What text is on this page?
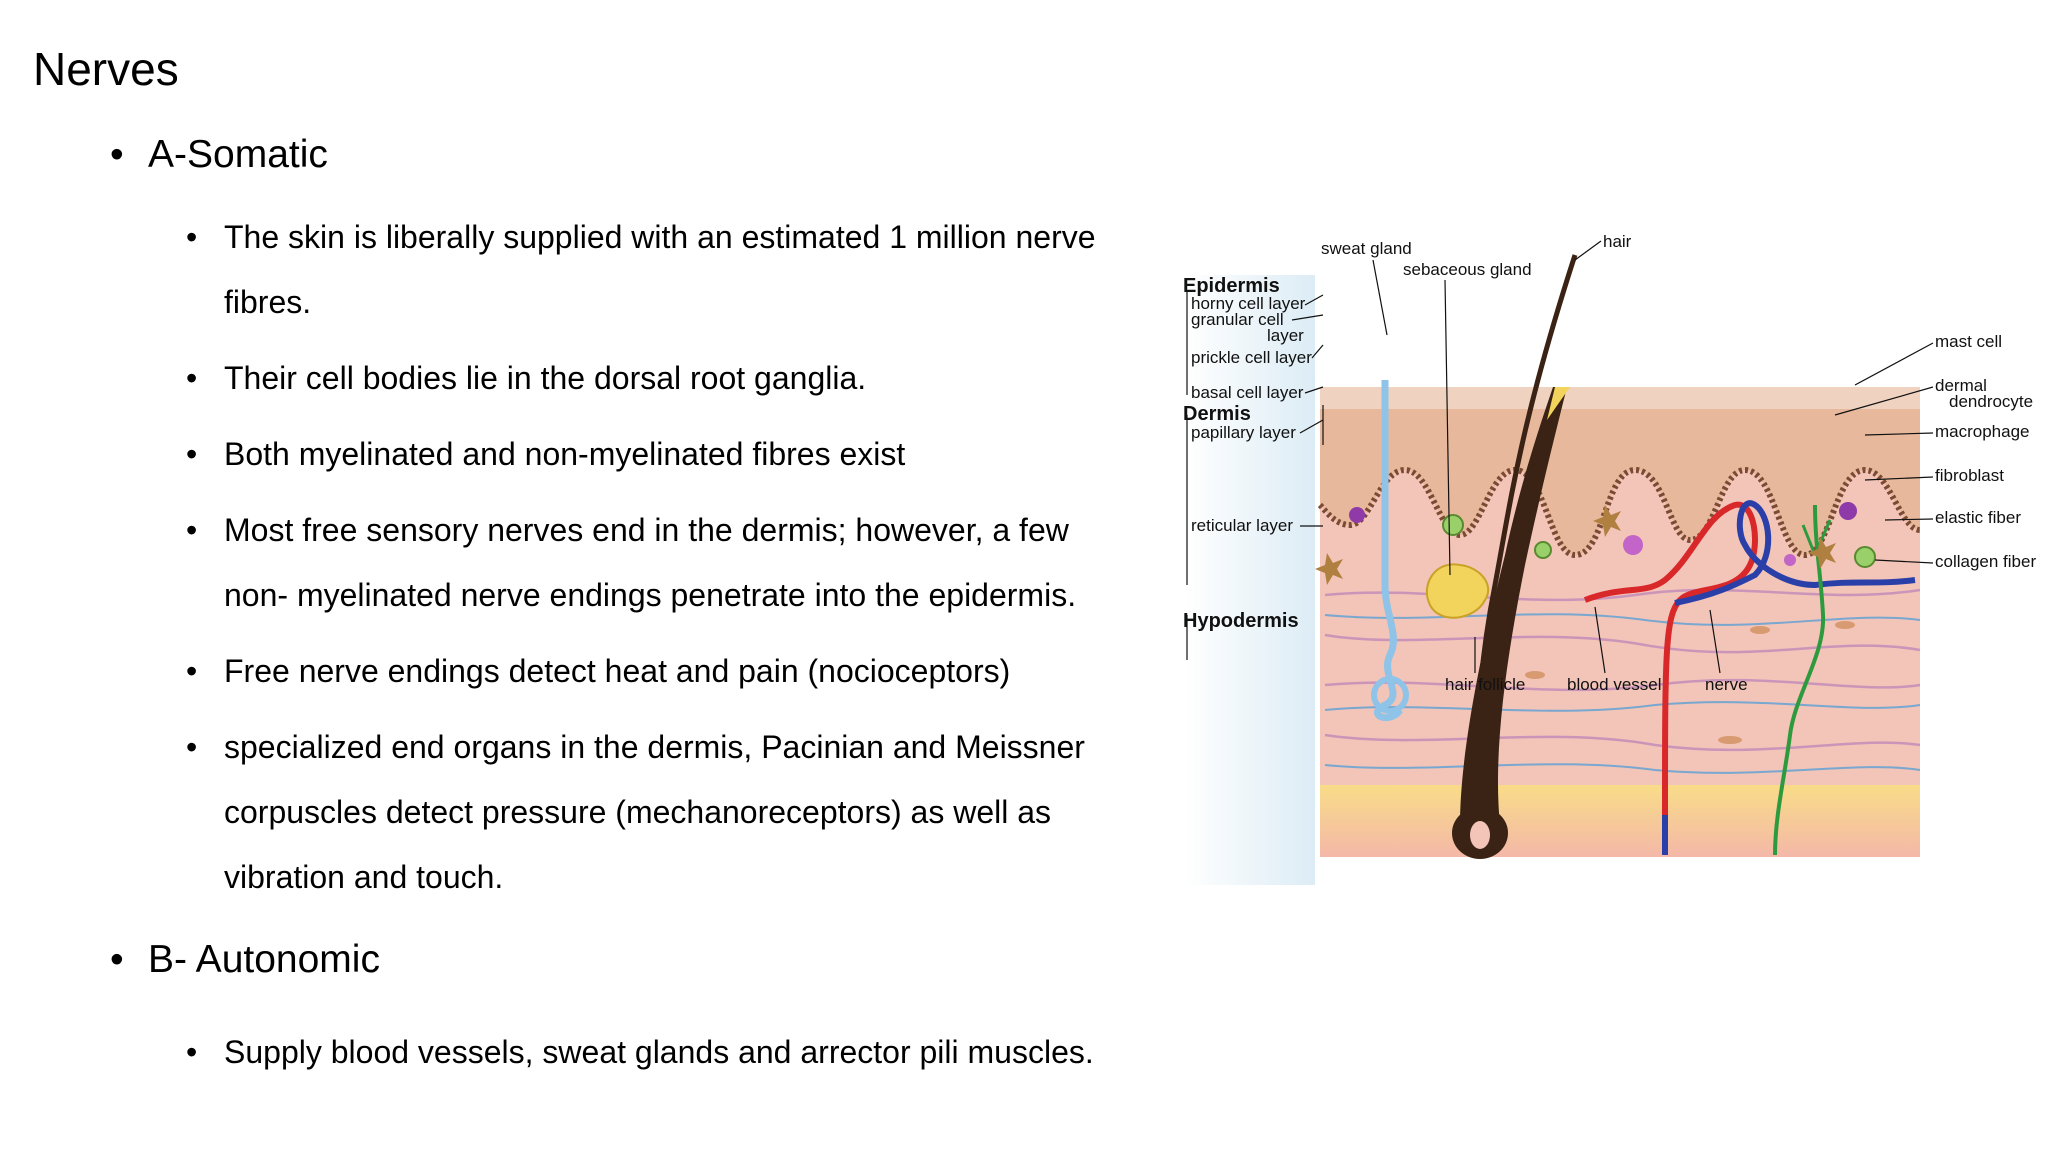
Nerves
• A-Somatic
• The skin is liberally supplied with an estimated 1 million nerve
fibres.
• Their cell bodies lie in the dorsal root ganglia.
• Both myelinated and non-myelinated fibres exist
• Most free sensory nerves end in the dermis; however, a few
non- myelinated nerve endings penetrate into the epidermis.
• Free nerve endings detect heat and pain (nocioceptors)
• specialized end organs in the dermis, Pacinian and Meissner
corpuscles detect pressure (mechanoreceptors) as well as
vibration and touch.
• B- Autonomic
• Supply blood vessels, sweat glands and arrector pili muscles.
Epidermis
horny cell layer
granular cell
layer
prickle cell layer
basal cell layer
Dermis
papillary layer
reticular layer
Hypodermis
sweat gland
sebaceous gland
hair
mast cell
dermal
dendrocyte
macrophage
fibroblast
elastic fiber
collagen fiber
hair follicle blood vessel	nerve
